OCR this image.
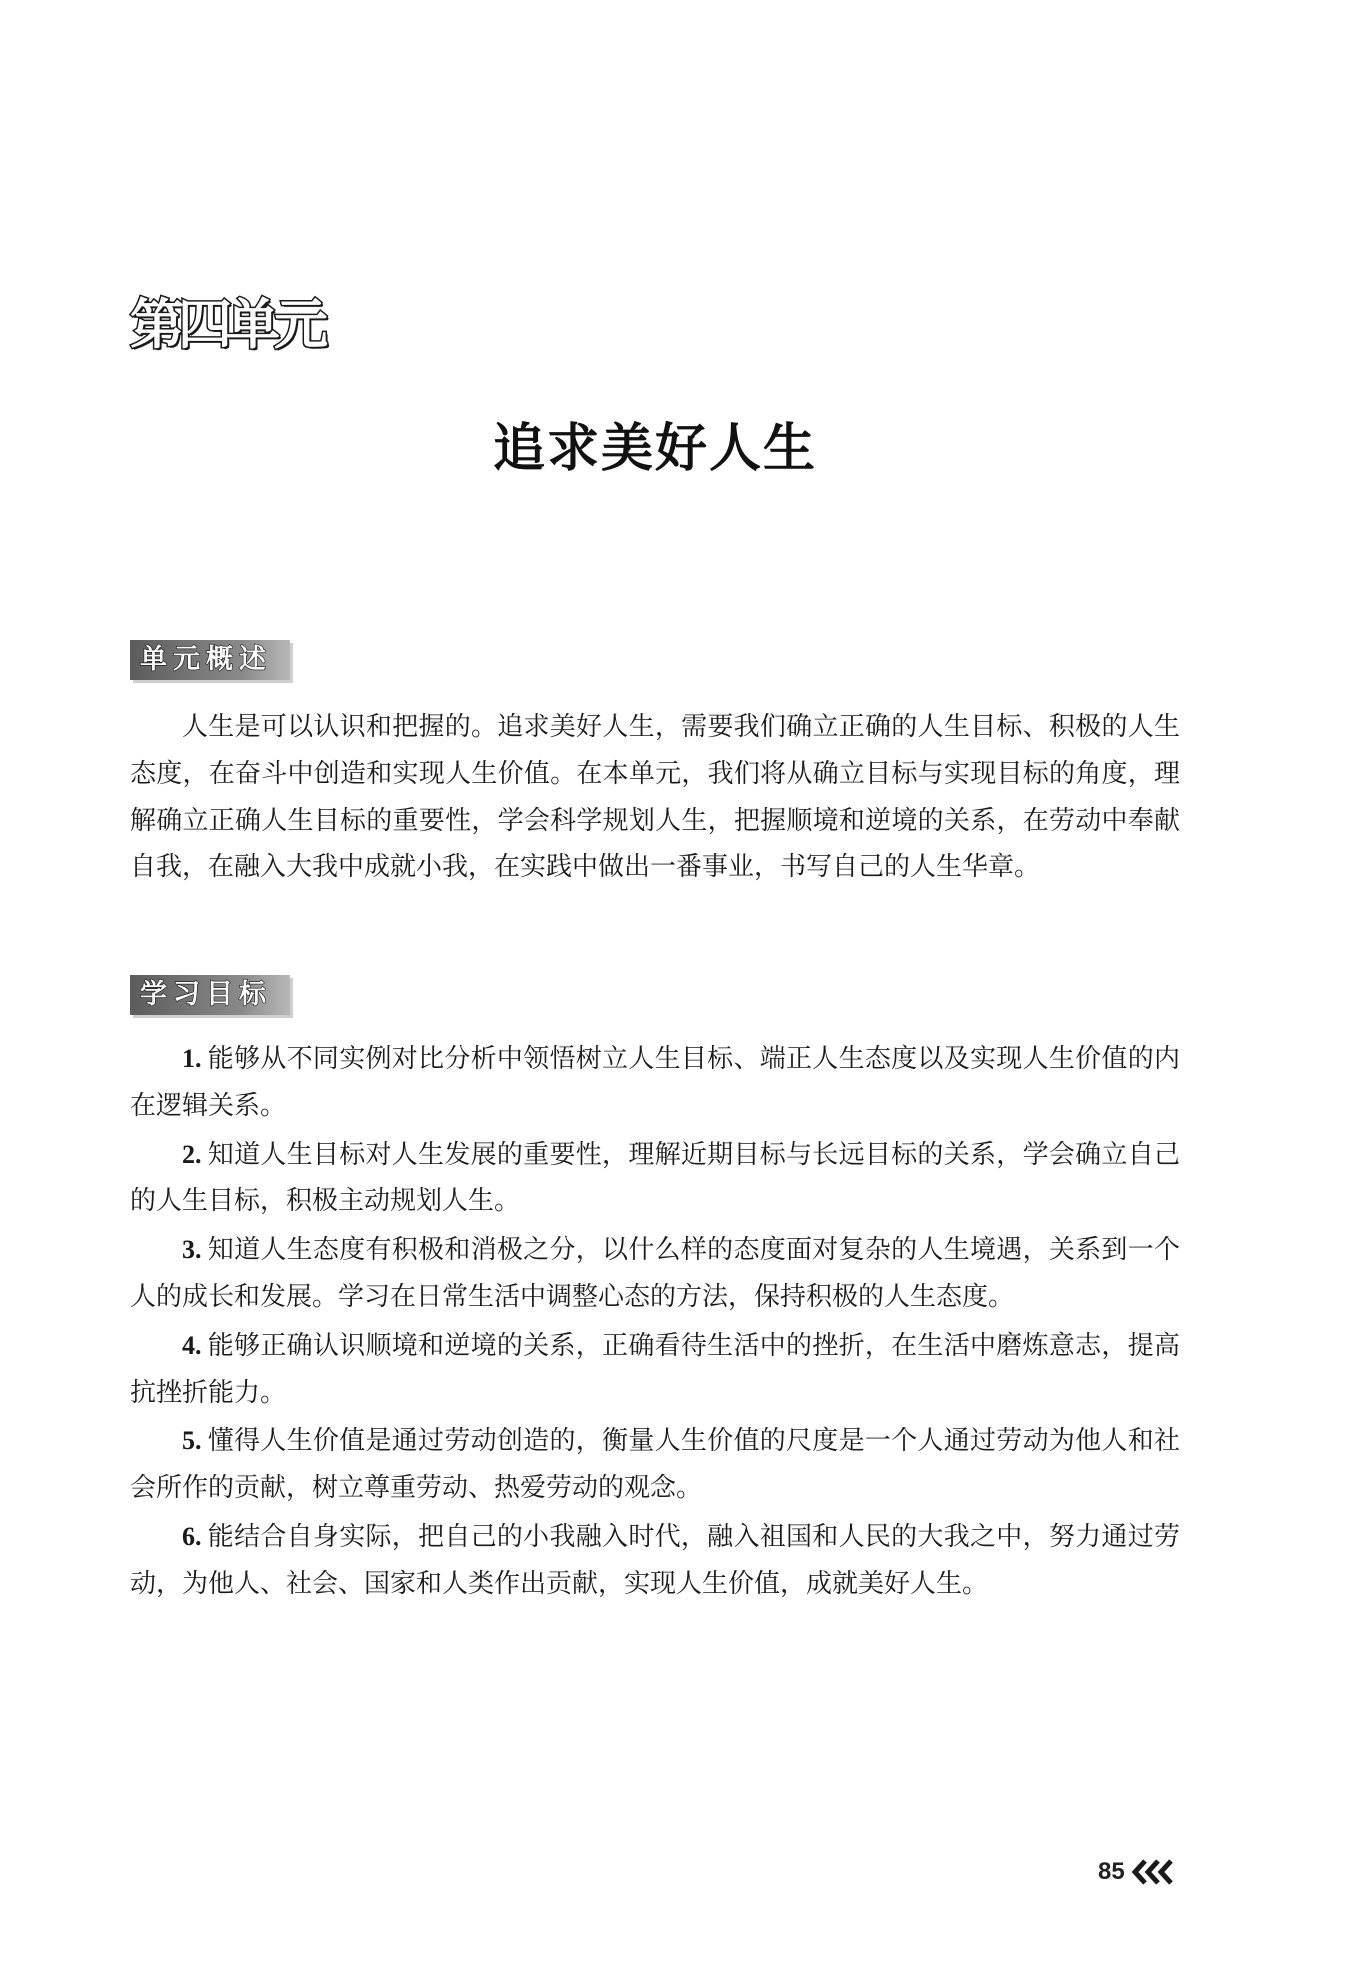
第四单元
追求美好人生
单元概述

人生是可以认识和把握的。追求美好人生，需要我们确立正确的人生目标、积极的人生态度，在奋斗中创造和实现人生价值。在本单元，我们将从确立目标与实现目标的角度，理解确立正确人生目标的重要性，学会科学规划人生，把握顺境和逆境的关系，在劳动中奉献自我，在融入大我中成就小我，在实践中做出一番事业，书写自己的人生华章。

学习目标
1. 能够从不同实例对比分析中领悟树立人生目标、端正人生态度以及实现人生价值的内在逻辑关系。
2. 知道人生目标对人生发展的重要性，理解近期目标与长远目标的关系，学会确立自己的人生目标，积极主动规划人生。
3. 知道人生态度有积极和消极之分，以什么样的态度面对复杂的人生境遇，关系到一个人的成长和发展。学习在日常生活中调整心态的方法，保持积极的人生态度。
4. 能够正确认识顺境和逆境的关系，正确看待生活中的挫折，在生活中磨炼意志，提高抗挫折能力。
5. 懂得人生价值是通过劳动创造的，衡量人生价值的尺度是一个人通过劳动为他人和社会所作的贡献，树立尊重劳动、热爱劳动的观念。
6. 能结合自身实际，把自己的小我融入时代，融入祖国和人民的大我之中，努力通过劳动，为他人、社会、国家和人类作出贡献，实现人生价值，成就美好人生。
85
